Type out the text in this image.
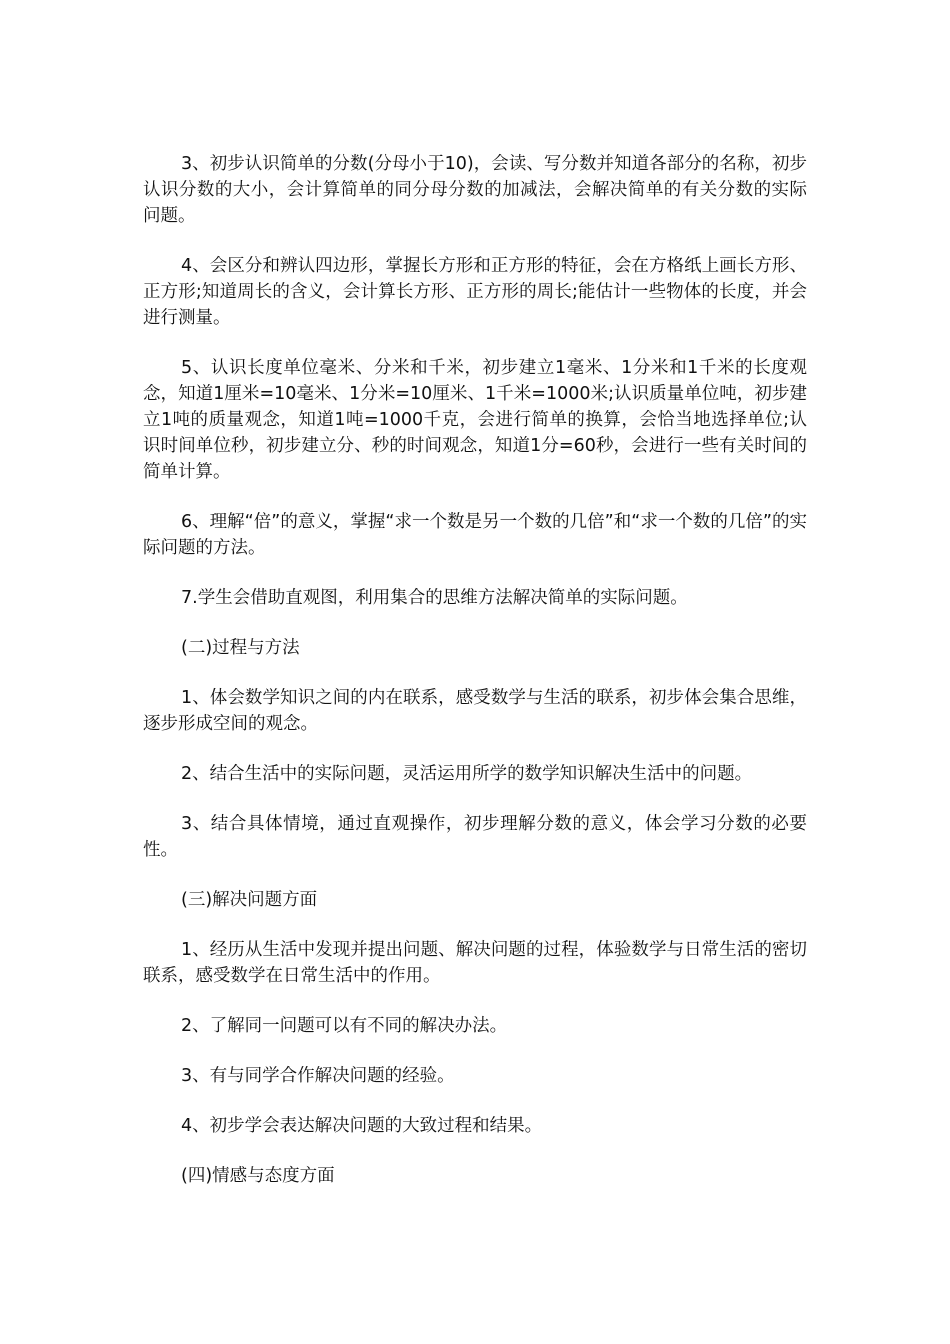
3、初步认识简单的分数(分母小于10)，会读、写分数并知道各部分的名称，初步认识分数的大小，会计算简单的同分母分数的加减法，会解决简单的有关分数的实际问题。

4、会区分和辨认四边形，掌握长方形和正方形的特征，会在方格纸上画长方形、正方形;知道周长的含义，会计算长方形、正方形的周长;能估计一些物体的长度，并会进行测量。

5、认识长度单位毫米、分米和千米，初步建立1毫米、1分米和1千米的长度观念，知道1厘米=10毫米、1分米=10厘米、1千米=1000米;认识质量单位吨，初步建立1吨的质量观念，知道1吨=1000千克，会进行简单的换算，会恰当地选择单位;认识时间单位秒，初步建立分、秒的时间观念，知道1分=60秒，会进行一些有关时间的简单计算。

6、理解“倍”的意义，掌握“求一个数是另一个数的几倍”和“求一个数的几倍”的实际问题的方法。

7.学生会借助直观图，利用集合的思维方法解决简单的实际问题。

(二)过程与方法

1、体会数学知识之间的内在联系，感受数学与生活的联系，初步体会集合思维，逐步形成空间的观念。

2、结合生活中的实际问题，灵活运用所学的数学知识解决生活中的问题。

3、结合具体情境，通过直观操作，初步理解分数的意义，体会学习分数的必要性。

(三)解决问题方面

1、经历从生活中发现并提出问题、解决问题的过程，体验数学与日常生活的密切联系，感受数学在日常生活中的作用。

2、了解同一问题可以有不同的解决办法。

3、有与同学合作解决问题的经验。

4、初步学会表达解决问题的大致过程和结果。

(四)情感与态度方面
